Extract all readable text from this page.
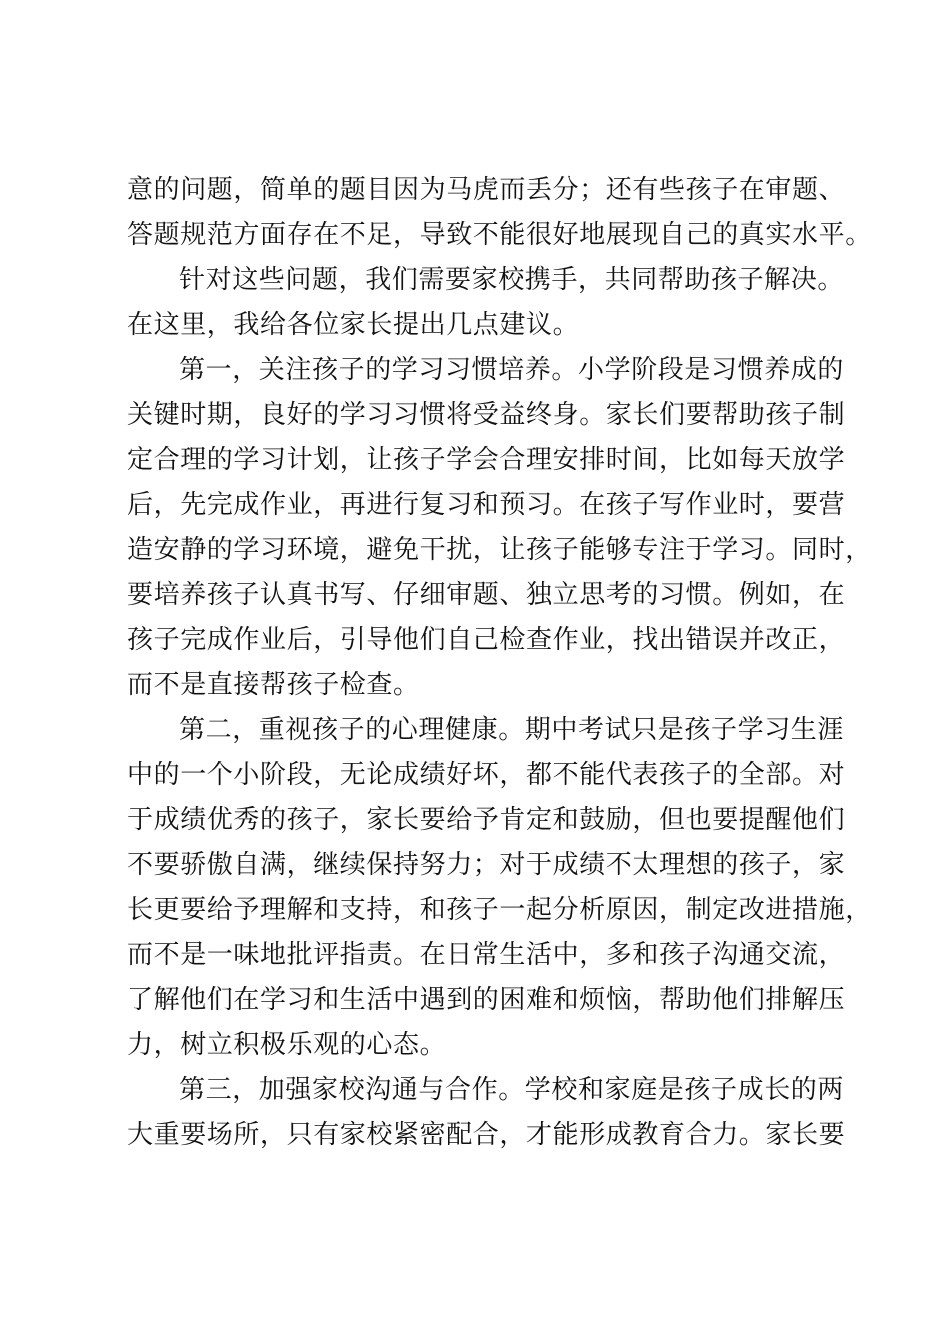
意的问题，简单的题目因为马虎而丢分；还有些孩子在审题、
答题规范方面存在不足，导致不能很好地展现自己的真实水平。
针对这些问题，我们需要家校携手，共同帮助孩子解决。
在这里，我给各位家长提出几点建议。
第一，关注孩子的学习习惯培养。小学阶段是习惯养成的
关键时期，良好的学习习惯将受益终身。家长们要帮助孩子制
定合理的学习计划，让孩子学会合理安排时间，比如每天放学
后，先完成作业，再进行复习和预习。在孩子写作业时，要营
造安静的学习环境，避免干扰，让孩子能够专注于学习。同时，
要培养孩子认真书写、仔细审题、独立思考的习惯。例如，在
孩子完成作业后，引导他们自己检查作业，找出错误并改正，
而不是直接帮孩子检查。
第二，重视孩子的心理健康。期中考试只是孩子学习生涯
中的一个小阶段，无论成绩好坏，都不能代表孩子的全部。对
于成绩优秀的孩子，家长要给予肯定和鼓励，但也要提醒他们
不要骄傲自满，继续保持努力；对于成绩不太理想的孩子，家
长更要给予理解和支持，和孩子一起分析原因，制定改进措施，
而不是一味地批评指责。在日常生活中，多和孩子沟通交流，
了解他们在学习和生活中遇到的困难和烦恼，帮助他们排解压
力，树立积极乐观的心态。
第三，加强家校沟通与合作。学校和家庭是孩子成长的两
大重要场所，只有家校紧密配合，才能形成教育合力。家长要
